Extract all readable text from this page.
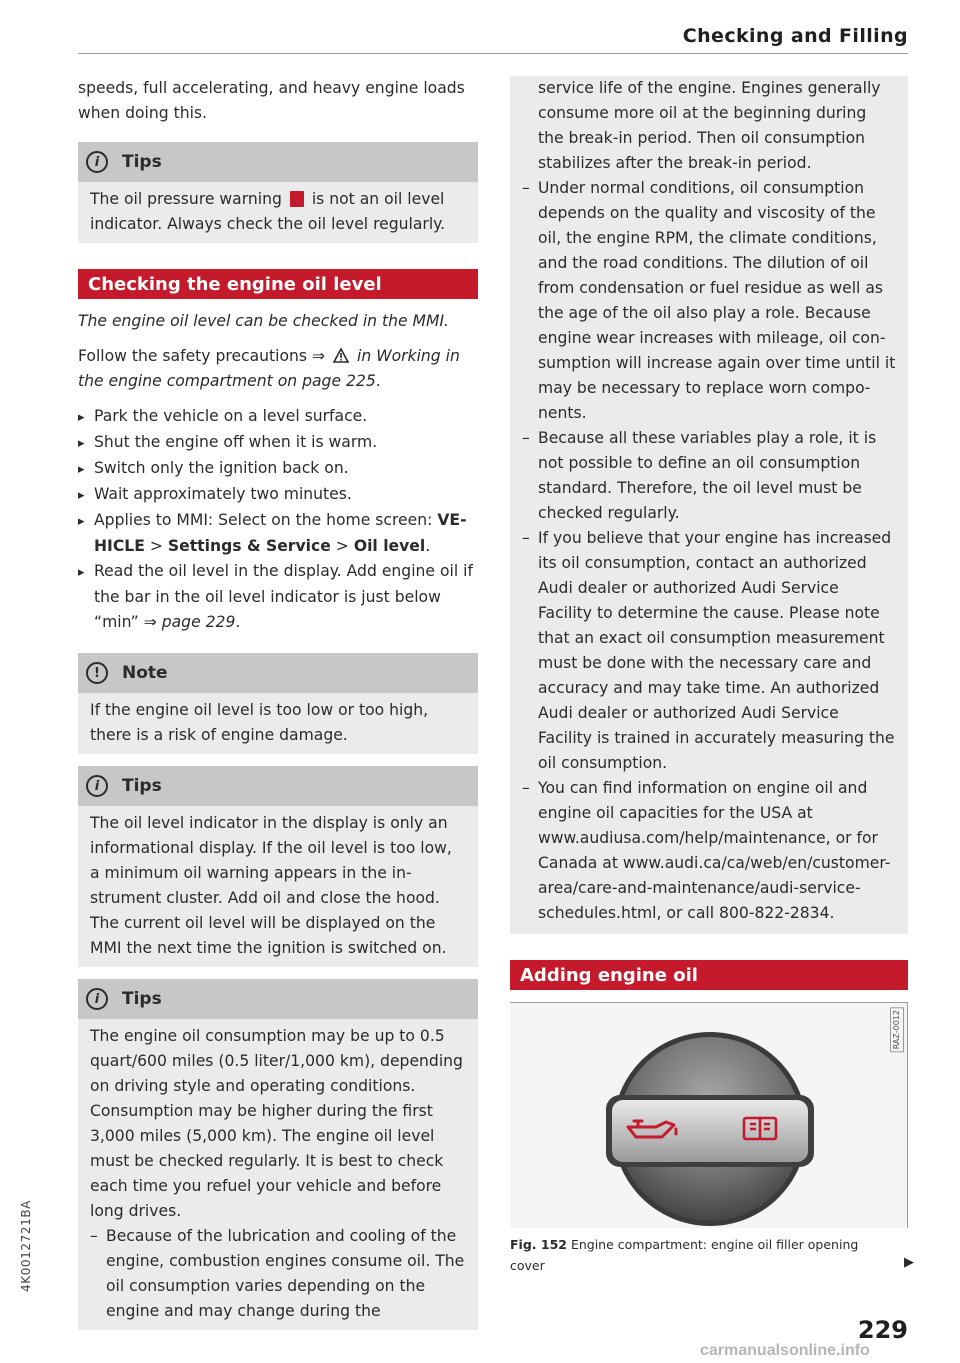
Checking and Filling

speeds, full accelerating, and heavy engine loads when doing this.

i	Tips

The oil pressure warning is not an oil level indicator. Always check the oil level regularly.

Checking the engine oil level

The engine oil level can be checked in the MMI.

Follow the safety precautions ⇒ in Working in the engine compartment on page 225.

▸ Park the vehicle on a level surface.
▸ Shut the engine off when it is warm.
▸ Switch only the ignition back on.
▸ Wait approximately two minutes.
▸ Applies to MMI: Select on the home screen: VEHICLE > Settings & Service > Oil level.
▸ Read the oil level in the display. Add engine oil if the bar in the oil level indicator is just below “min” ⇒ page 229.
!	Note

If the engine oil level is too low or too high, there is a risk of engine damage.

i	Tips

The oil level indicator in the display is only an informational display. If the oil level is too low, a minimum oil warning appears in the instrument cluster. Add oil and close the hood. The current oil level will be displayed on the MMI the next time the ignition is switched on.

i	Tips

The engine oil consumption may be up to 0.5 quart/600 miles (0.5 liter/1,000 km), depending on driving style and operating conditions. Consumption may be higher during the first 3,000 miles (5,000 km). The engine oil level must be checked regularly. It is best to check each time you refuel your vehicle and before long drives.

– Because of the lubrication and cooling of the engine, combustion engines consume oil. The oil consumption varies depending on the engine and may change during the

service life of the engine. Engines generally consume more oil at the beginning during the break-in period. Then oil consumption stabilizes after the break-in period.

– Under normal conditions, oil consumption depends on the quality and viscosity of the oil, the engine RPM, the climate conditions, and the road conditions. The dilution of oil from condensation or fuel residue as well as the age of the oil also play a role. Because engine wear increases with mileage, oil consumption will increase again over time until it may be necessary to replace worn components.
– Because all these variables play a role, it is not possible to define an oil consumption standard. Therefore, the oil level must be checked regularly.
– If you believe that your engine has increased its oil consumption, contact an authorized Audi dealer or authorized Audi Service Facility to determine the cause. Please note that an exact oil consumption measurement must be done with the necessary care and accuracy and may take time. An authorized Audi dealer or authorized Audi Service Facility is trained in accurately measuring the oil consumption.
– You can find information on engine oil and engine oil capacities for the USA at www.audiusa.com/help/maintenance, or for Canada at www.audi.ca/ca/web/en/customer-area/care-and-maintenance/audi-service-schedules.html, or call 800-822-2834.
Adding engine oil
RAZ-0012
Fig. 152 Engine compartment: engine oil filler opening cover	▶
229
4K0012721BA
carmanualsonline.info
